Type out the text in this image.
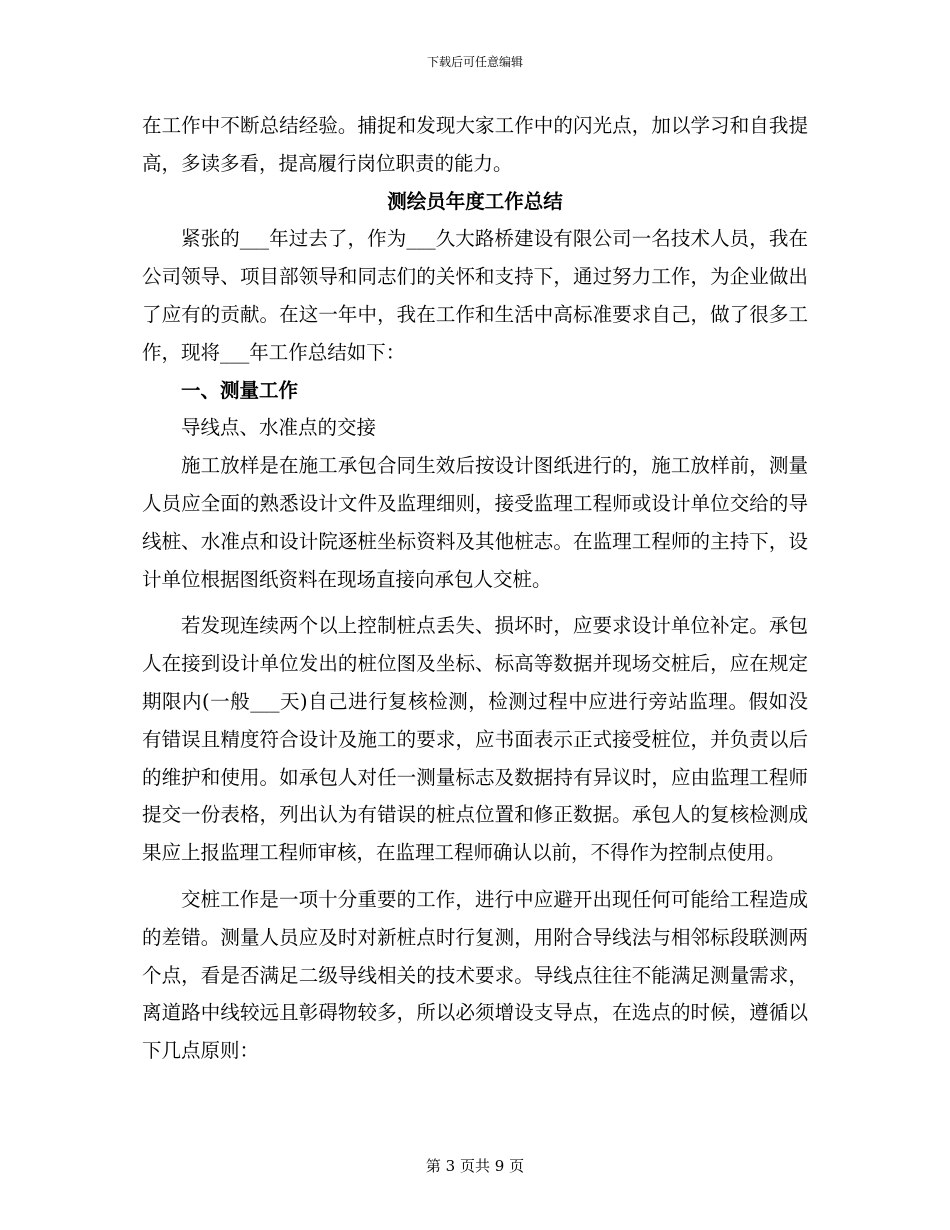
下载后可任意编辑

在工作中不断总结经验。捕捉和发现大家工作中的闪光点，加以学习和自我提高，多读多看，提高履行岗位职责的能力。

测绘员年度工作总结

紧张的___年过去了，作为___久大路桥建设有限公司一名技术人员，我在公司领导、项目部领导和同志们的关怀和支持下，通过努力工作，为企业做出了应有的贡献。在这一年中，我在工作和生活中高标准要求自己，做了很多工作，现将___年工作总结如下：

一、测量工作

导线点、水准点的交接

施工放样是在施工承包合同生效后按设计图纸进行的，施工放样前，测量人员应全面的熟悉设计文件及监理细则，接受监理工程师或设计单位交给的导线桩、水准点和设计院逐桩坐标资料及其他桩志。在监理工程师的主持下，设计单位根据图纸资料在现场直接向承包人交桩。

若发现连续两个以上控制桩点丢失、损坏时，应要求设计单位补定。承包人在接到设计单位发出的桩位图及坐标、标高等数据并现场交桩后，应在规定期限内(一般___天)自己进行复核检测，检测过程中应进行旁站监理。假如没有错误且精度符合设计及施工的要求，应书面表示正式接受桩位，并负责以后的维护和使用。如承包人对任一测量标志及数据持有异议时，应由监理工程师提交一份表格，列出认为有错误的桩点位置和修正数据。承包人的复核检测成果应上报监理工程师审核，在监理工程师确认以前，不得作为控制点使用。

交桩工作是一项十分重要的工作，进行中应避开出现任何可能给工程造成的差错。测量人员应及时对新桩点时行复测，用附合导线法与相邻标段联测两个点，看是否满足二级导线相关的技术要求。导线点往往不能满足测量需求，离道路中线较远且彰碍物较多，所以必须增设支导点，在选点的时候，遵循以下几点原则：

第 3 页共 9 页
